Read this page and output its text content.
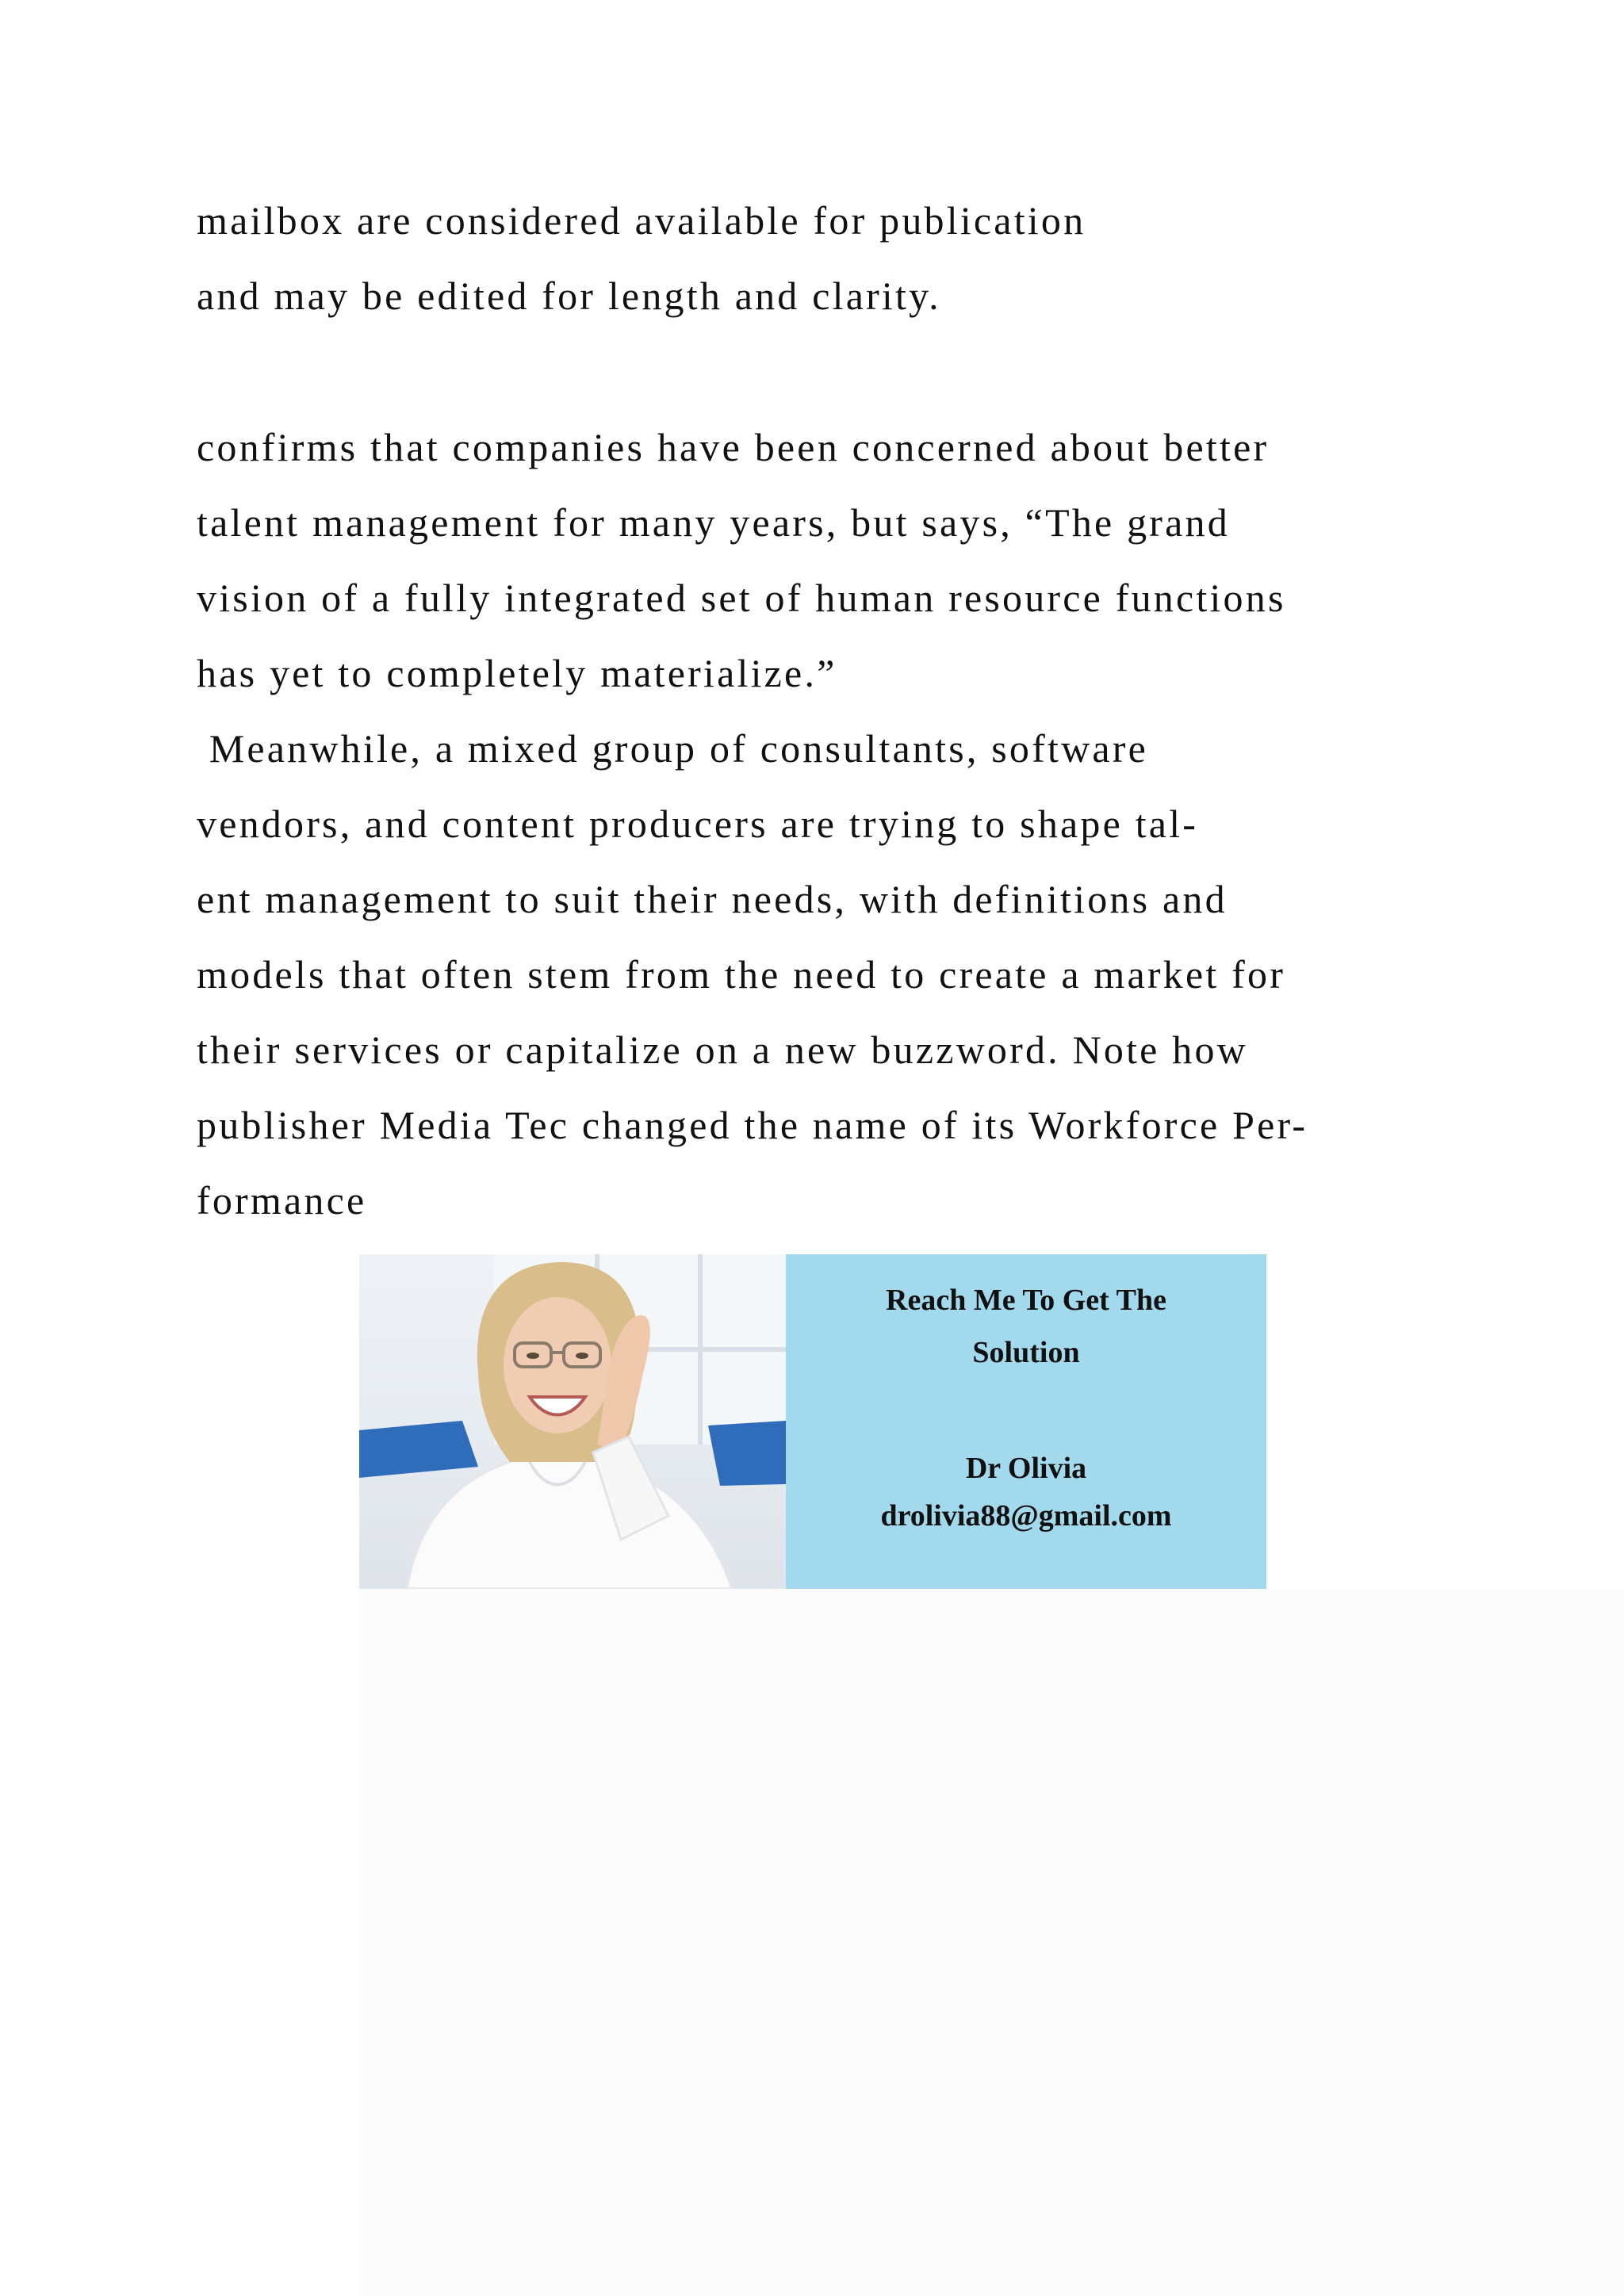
mailbox are considered available for publication
and may be edited for length and clarity.
confirms that companies have been concerned about better
talent management for many years, but says, “The grand
vision of a fully integrated set of human resource functions
has yet to completely materialize.”
Meanwhile, a mixed group of consultants, software
vendors, and content producers are trying to shape tal-
ent management to suit their needs, with definitions and
models that often stem from the need to create a market for
their services or capitalize on a new buzzword. Note how
publisher Media Tec changed the name of its Workforce Per-
formance
Reach Me To Get The
Solution
Dr Olivia
drolivia88@gmail.com
